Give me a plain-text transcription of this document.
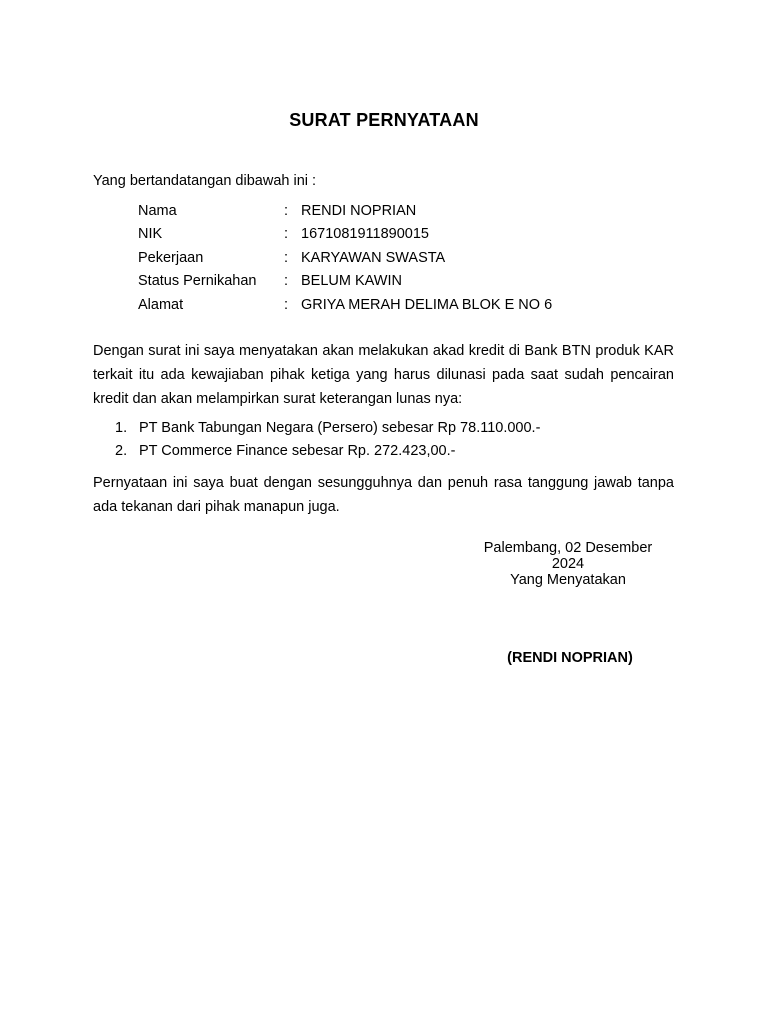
SURAT PERNYATAAN
Yang bertandatangan dibawah ini :
Nama	: RENDI NOPRIAN
NIK	: 1671081911890015
Pekerjaan	: KARYAWAN SWASTA
Status Pernikahan : BELUM KAWIN
Alamat	: GRIYA MERAH DELIMA BLOK E NO 6
Dengan surat ini saya menyatakan akan melakukan akad kredit di Bank BTN produk KAR terkait itu ada kewajiaban pihak ketiga yang harus dilunasi pada saat sudah pencairan kredit dan akan melampirkan surat keterangan lunas nya:
1. PT Bank Tabungan Negara (Persero) sebesar Rp 78.110.000.-
2. PT Commerce Finance sebesar Rp. 272.423,00.-
Pernyataan ini saya buat dengan sesungguhnya dan penuh rasa tanggung jawab tanpa ada tekanan dari pihak manapun juga.
Palembang, 02 Desember 2024
Yang Menyatakan
(RENDI NOPRIAN)
